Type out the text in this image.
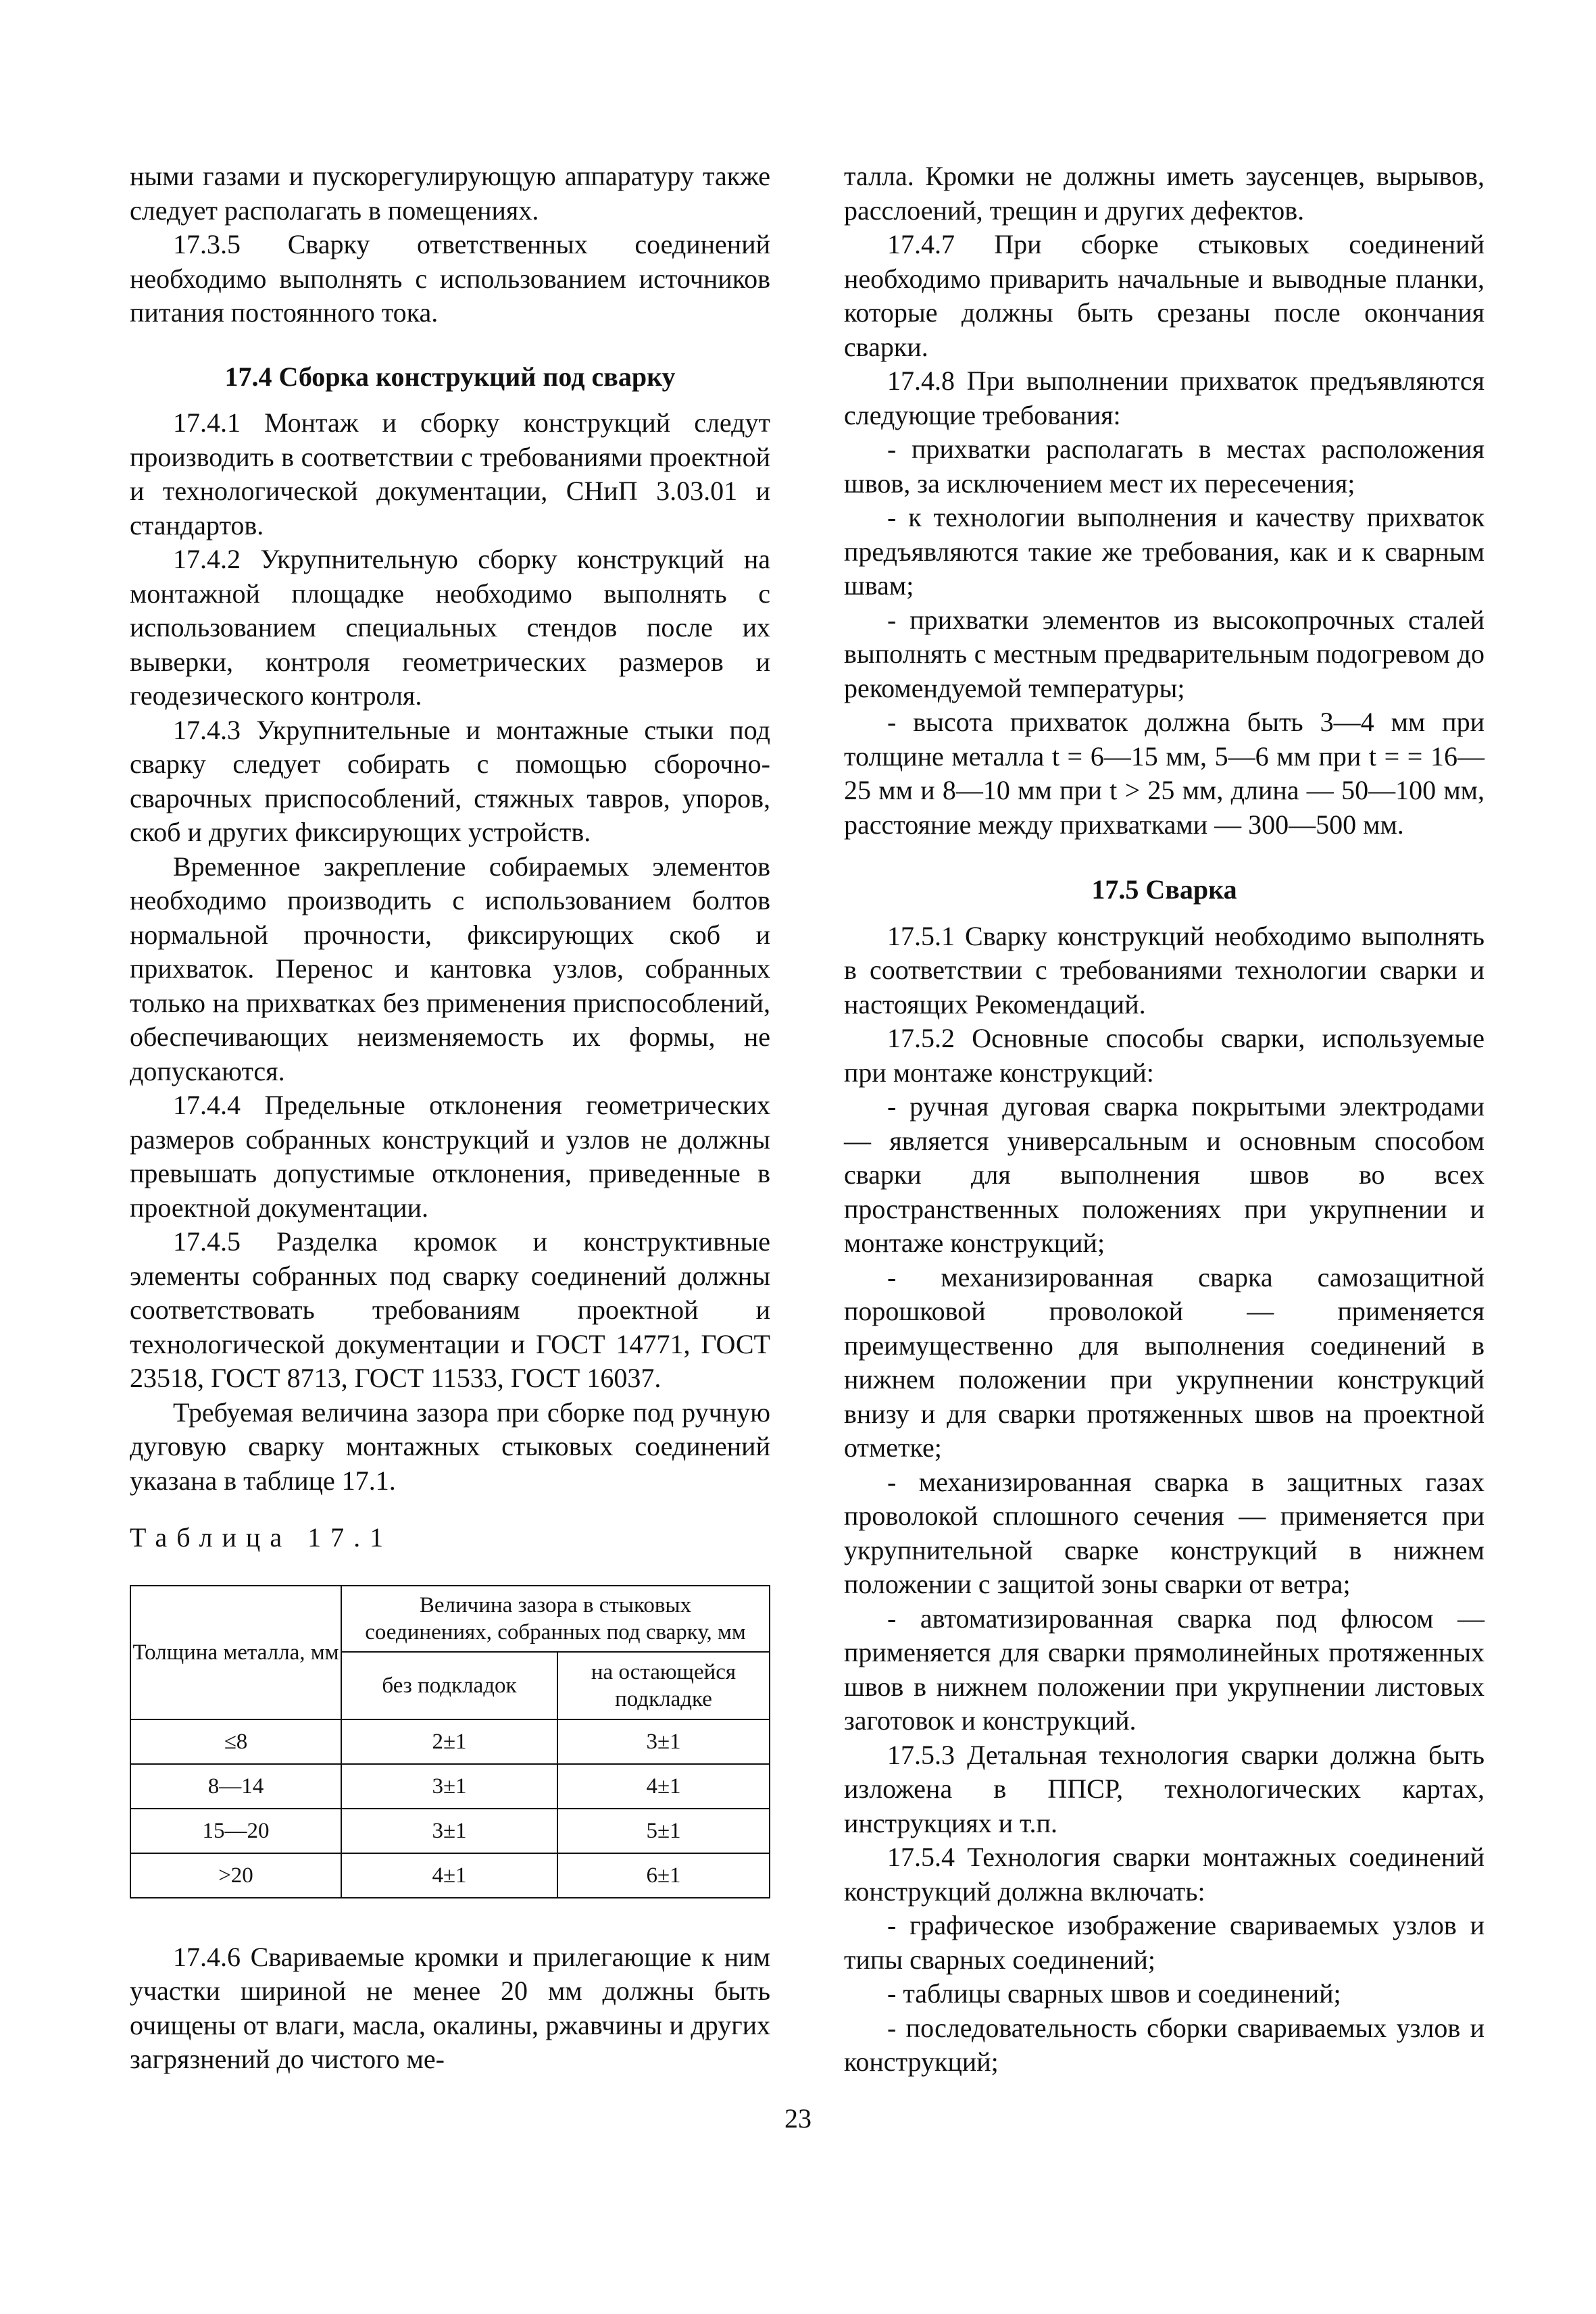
ными газами и пускорегулирующую аппаратуру также следует располагать в помещениях.

17.3.5 Сварку ответственных соединений необходимо выполнять с использованием источников питания постоянного тока.

17.4 Сборка конструкций под сварку

17.4.1 Монтаж и сборку конструкций следут производить в соответствии с требованиями проектной и технологической документации, СНиП 3.03.01 и стандартов.

17.4.2 Укрупнительную сборку конструкций на монтажной площадке необходимо выполнять с использованием специальных стендов после их выверки, контроля геометрических размеров и геодезического контроля.

17.4.3 Укрупнительные и монтажные стыки под сварку следует собирать с помощью сборочно-сварочных приспособлений, стяжных тавров, упоров, скоб и других фиксирующих устройств.

Временное закрепление собираемых элементов необходимо производить с использованием болтов нормальной прочности, фиксирующих скоб и прихваток. Перенос и кантовка узлов, собранных только на прихватках без применения приспособлений, обеспечивающих неизменяемость их формы, не допускаются.

17.4.4 Предельные отклонения геометрических размеров собранных конструкций и узлов не должны превышать допустимые отклонения, приведенные в проектной документации.

17.4.5 Разделка кромок и конструктивные элементы собранных под сварку соединений должны соответствовать требованиям проектной и технологической документации и ГОСТ 14771, ГОСТ 23518, ГОСТ 8713, ГОСТ 11533, ГОСТ 16037.

Требуемая величина зазора при сборке под ручную дуговую сварку монтажных стыковых соединений указана в таблице 17.1.

Таблица 17.1

Толщина металла, мм	Величина зазора в стыковых соединениях, собранных под сварку, мм	
	без подкладок	на остающейся подкладке
≤8	2±1	3±1
8—14	3±1	4±1
15—20	3±1	5±1
>20	4±1	6±1

17.4.6 Свариваемые кромки и прилегающие к ним участки шириной не менее 20 мм должны быть очищены от влаги, масла, окалины, ржавчины и других загрязнений до чистого ме-

талла. Кромки не должны иметь заусенцев, вырывов, расслоений, трещин и других дефектов.

17.4.7 При сборке стыковых соединений необходимо приварить начальные и выводные планки, которые должны быть срезаны после окончания сварки.

17.4.8 При выполнении прихваток предъявляются следующие требования:

- прихватки располагать в местах расположения швов, за исключением мест их пересечения;

- к технологии выполнения и качеству прихваток предъявляются такие же требования, как и к сварным швам;

- прихватки элементов из высокопрочных сталей выполнять с местным предварительным подогревом до рекомендуемой температуры;

- высота прихваток должна быть 3—4 мм при толщине металла t = 6—15 мм, 5—6 мм при t = = 16—25 мм и 8—10 мм при t > 25 мм, длина — 50—100 мм, расстояние между прихватками — 300—500 мм.

17.5 Сварка

17.5.1 Сварку конструкций необходимо выполнять в соответствии с требованиями технологии сварки и настоящих Рекомендаций.

17.5.2 Основные способы сварки, используемые при монтаже конструкций:

- ручная дуговая сварка покрытыми электродами — является универсальным и основным способом сварки для выполнения швов во всех пространственных положениях при укрупнении и монтаже конструкций;

- механизированная сварка самозащитной порошковой проволокой — применяется преимущественно для выполнения соединений в нижнем положении при укрупнении конструкций внизу и для сварки протяженных швов на проектной отметке;

- механизированная сварка в защитных газах проволокой сплошного сечения — применяется при укрупнительной сварке конструкций в нижнем положении с защитой зоны сварки от ветра;

- автоматизированная сварка под флюсом — применяется для сварки прямолинейных протяженных швов в нижнем положении при укрупнении листовых заготовок и конструкций.

17.5.3 Детальная технология сварки должна быть изложена в ППСР, технологических картах, инструкциях и т.п.

17.5.4 Технология сварки монтажных соединений конструкций должна включать:

- графическое изображение свариваемых узлов и типы сварных соединений;

- таблицы сварных швов и соединений;

- последовательность сборки свариваемых узлов и конструкций;

23
